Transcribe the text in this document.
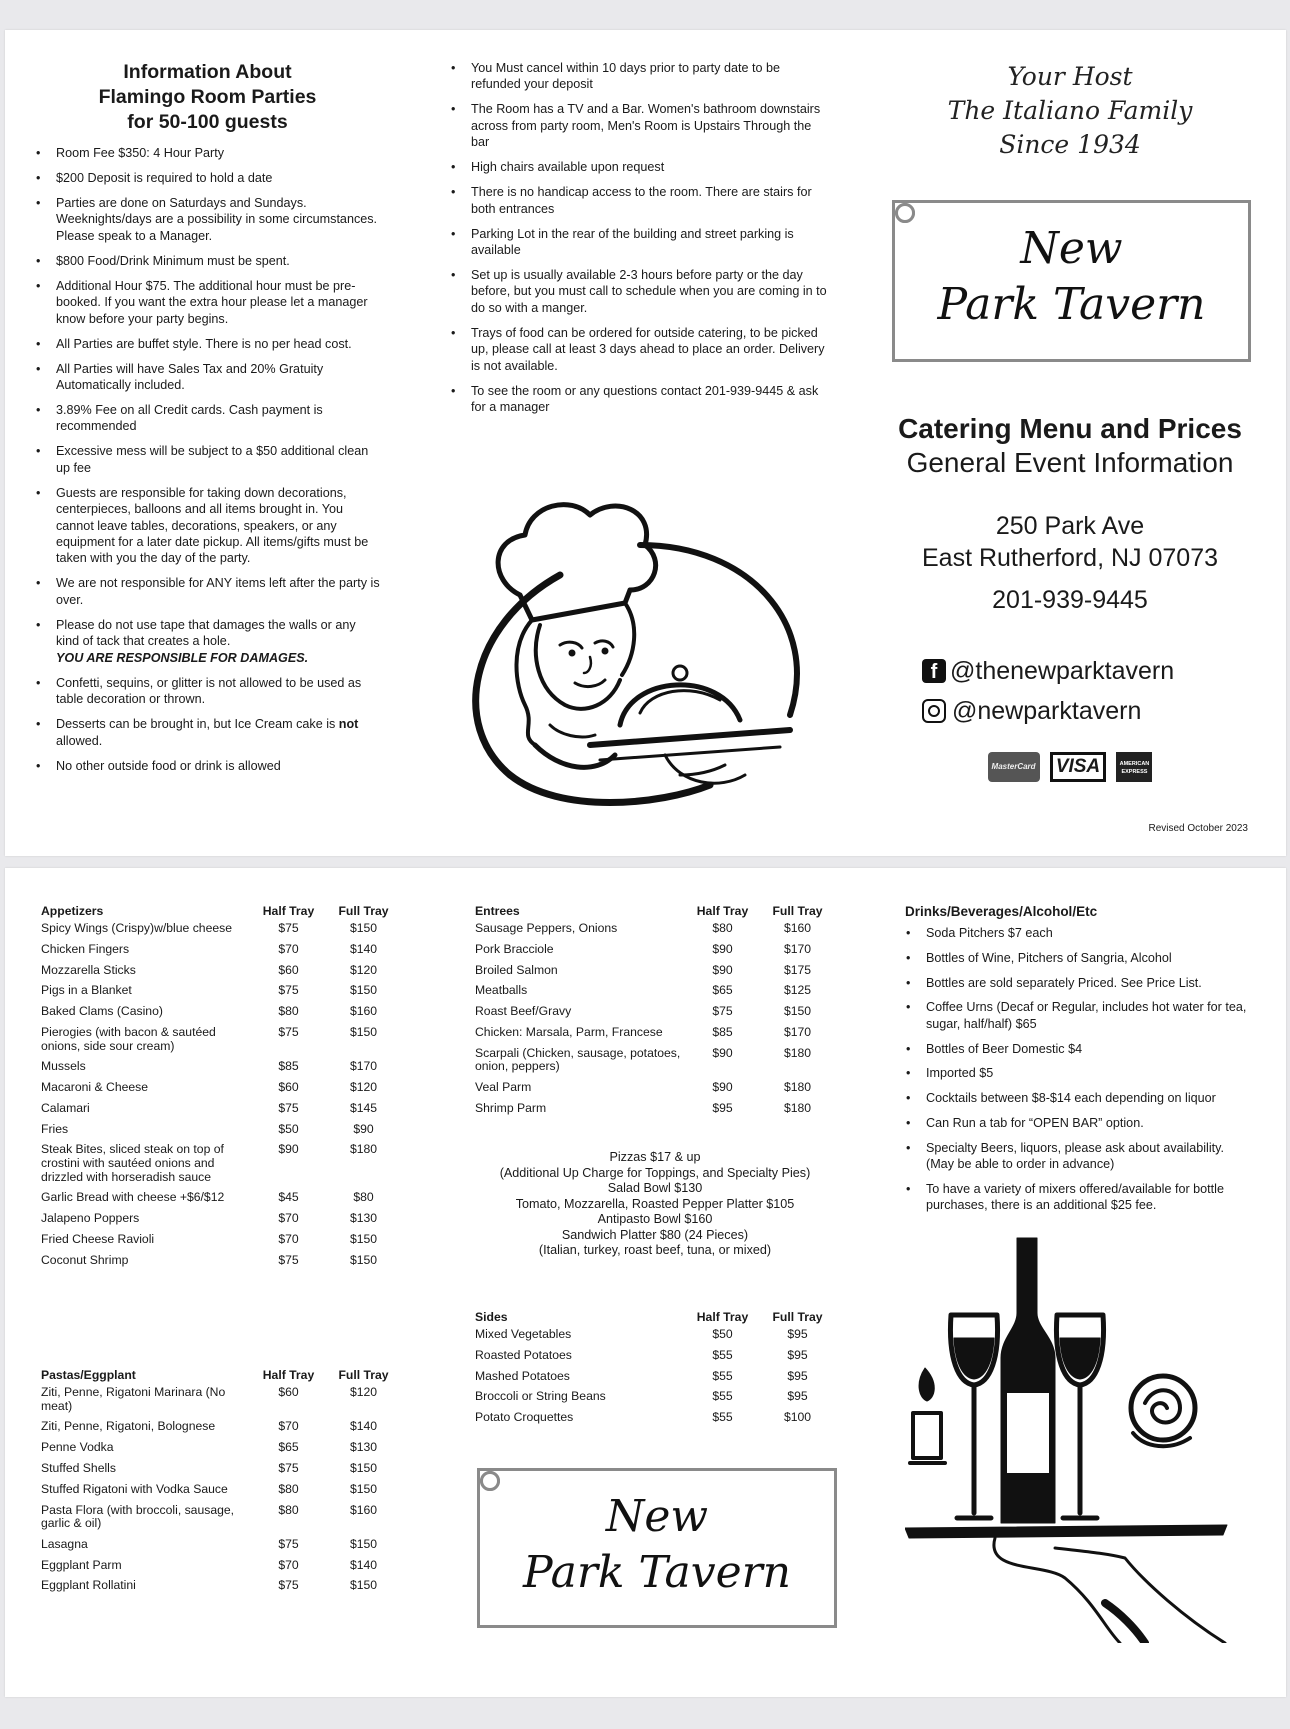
Information About
Flamingo Room Parties
for 50-100 guests
• Room Fee $350: 4 Hour Party
• $200 Deposit is required to hold a date
• Parties are done on Saturdays and Sundays. Weeknights/days are a possibility in some circumstances. Please speak to a Manager.
• $800 Food/Drink Minimum must be spent.
• Additional Hour $75. The additional hour must be pre-booked. If you want the extra hour please let a manager know before your party begins.
• All Parties are buffet style. There is no per head cost.
• All Parties will have Sales Tax and 20% Gratuity Automatically included.
• 3.89% Fee on all Credit cards. Cash payment is recommended
• Excessive mess will be subject to a $50 additional clean up fee
• Guests are responsible for taking down decorations, centerpieces, balloons and all items brought in. You cannot leave tables, decorations, speakers, or any equipment for a later date pickup. All items/gifts must be taken with you the day of the party.
• We are not responsible for ANY items left after the party is over.
• Please do not use tape that damages the walls or any kind of tack that creates a hole.
YOU ARE RESPONSIBLE FOR DAMAGES.
• Confetti, sequins, or glitter is not allowed to be used as table decoration or thrown.
• Desserts can be brought in, but Ice Cream cake is not allowed.
• No other outside food or drink is allowed
• You Must cancel within 10 days prior to party date to be refunded your deposit
• The Room has a TV and a Bar. Women's bathroom downstairs across from party room, Men's Room is Upstairs Through the bar
• High chairs available upon request
• There is no handicap access to the room. There are stairs for both entrances
• Parking Lot in the rear of the building and street parking is available
• Set up is usually available 2-3 hours before party or the day before, but you must call to schedule when you are coming in to do so with a manger.
• Trays of food can be ordered for outside catering, to be picked up, please call at least 3 days ahead to place an order. Delivery is not available.
• To see the room or any questions contact 201-939-9445 & ask for a manager
Your Host
The Italiano Family
Since 1934
New
Park Tavern
Catering Menu and Prices
General Event Information
250 Park Ave
East Rutherford, NJ 07073
201-939-9445
f @thenewparktavern
@newparktavern
MasterCard VISA	AMERICAN EXPRESS
Revised October 2023
Appetizers	Half Tray	Full Tray
Spicy Wings (Crispy)w/blue cheese	$75	$150
Chicken Fingers	$70	$140
Mozzarella Sticks	$60	$120
Pigs in a Blanket	$75	$150
Baked Clams (Casino)	$80	$160
Pierogies (with bacon & sautéed onions, side sour cream)	$75	$150
Mussels	$85	$170
Macaroni & Cheese	$60	$120
Calamari	$75	$145
Fries	$50	$90
Steak Bites, sliced steak on top of crostini with sautéed onions and drizzled with horseradish sauce	$90	$180
Garlic Bread with cheese +$6/$12	$45	$80
Jalapeno Poppers	$70	$130
Fried Cheese Ravioli	$70	$150
Coconut Shrimp	$75	$150
Pastas/Eggplant	Half Tray	Full Tray
Ziti, Penne, Rigatoni Marinara (No meat)	$60	$120
Ziti, Penne, Rigatoni, Bolognese	$70	$140
Penne Vodka	$65	$130
Stuffed Shells	$75	$150
Stuffed Rigatoni with Vodka Sauce	$80	$150
Pasta Flora (with broccoli, sausage, garlic & oil)	$80	$160
Lasagna	$75	$150
Eggplant Parm	$70	$140
Eggplant Rollatini	$75	$150
Entrees	Half Tray	Full Tray
Sausage Peppers, Onions	$80	$160
Pork Bracciole	$90	$170
Broiled Salmon	$90	$175
Meatballs	$65	$125
Roast Beef/Gravy	$75	$150
Chicken: Marsala, Parm, Francese	$85	$170
Scarpali (Chicken, sausage, potatoes, onion, peppers)	$90	$180
Veal Parm	$90	$180
Shrimp Parm	$95	$180
Pizzas $17 & up
(Additional Up Charge for Toppings, and Specialty Pies)
Salad Bowl $130
Tomato, Mozzarella, Roasted Pepper Platter $105
Antipasto Bowl $160
Sandwich Platter $80 (24 Pieces)
(Italian, turkey, roast beef, tuna, or mixed)
Sides	Half Tray	Full Tray
Mixed Vegetables	$50	$95
Roasted Potatoes	$55	$95
Mashed Potatoes	$55	$95
Broccoli or String Beans	$55	$95
Potato Croquettes	$55	$100
New
Park Tavern
Drinks/Beverages/Alcohol/Etc
• Soda Pitchers $7 each
• Bottles of Wine, Pitchers of Sangria, Alcohol
• Bottles are sold separately Priced. See Price List.
• Coffee Urns (Decaf or Regular, includes hot water for tea, sugar, half/half) $65
• Bottles of Beer Domestic $4
• Imported $5
• Cocktails between $8-$14 each depending on liquor
• Can Run a tab for “OPEN BAR” option.
• Specialty Beers, liquors, please ask about availability. (May be able to order in advance)
• To have a variety of mixers offered/available for bottle purchases, there is an additional $25 fee.
